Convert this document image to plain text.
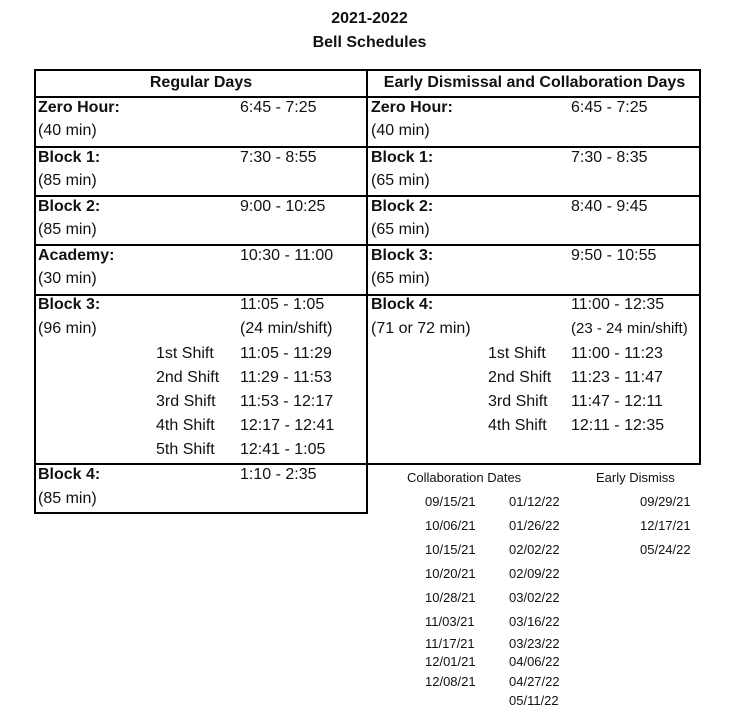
2021-2022
Bell Schedules
Regular Days	Early Dismissal and Collaboration Days
Zero Hour:
(40 min)
6:45 - 7:25
Block 1:
(85 min)
7:30 - 8:55
Block 2:
(85 min)
9:00 - 10:25
Academy:
(30 min)
10:30 - 11:00
Block 3:
(96 min)
11:05 - 1:05
(24 min/shift)
1st Shift 11:05 - 11:29
2nd Shift 11:29 - 11:53
3rd Shift 11:53 - 12:17
4th Shift 12:17 - 12:41
5th Shift 12:41 - 1:05
Block 4:
(85 min)
1:10 - 2:35
Zero Hour:
(40 min)
6:45 - 7:25
Block 1:
(65 min)
7:30 - 8:35
Block 2:
(65 min)
8:40 - 9:45
Block 3:
(65 min)
9:50 - 10:55
Block 4:
(71 or 72 min)
11:00 - 12:35
(23 - 24 min/shift)
1st Shift 11:00 - 11:23
2nd Shift 11:23 - 11:47
3rd Shift 11:47 - 12:11
4th Shift 12:11 - 12:35
Collaboration Dates	Early Dismiss
09/15/21
10/06/21
10/15/21
10/20/21
10/28/21
11/03/21
11/17/21
12/01/21
12/08/21
01/12/22
01/26/22
02/02/22
02/09/22
03/02/22
03/16/22
03/23/22
04/06/22
04/27/22
05/11/22
09/29/21
12/17/21
05/24/22
